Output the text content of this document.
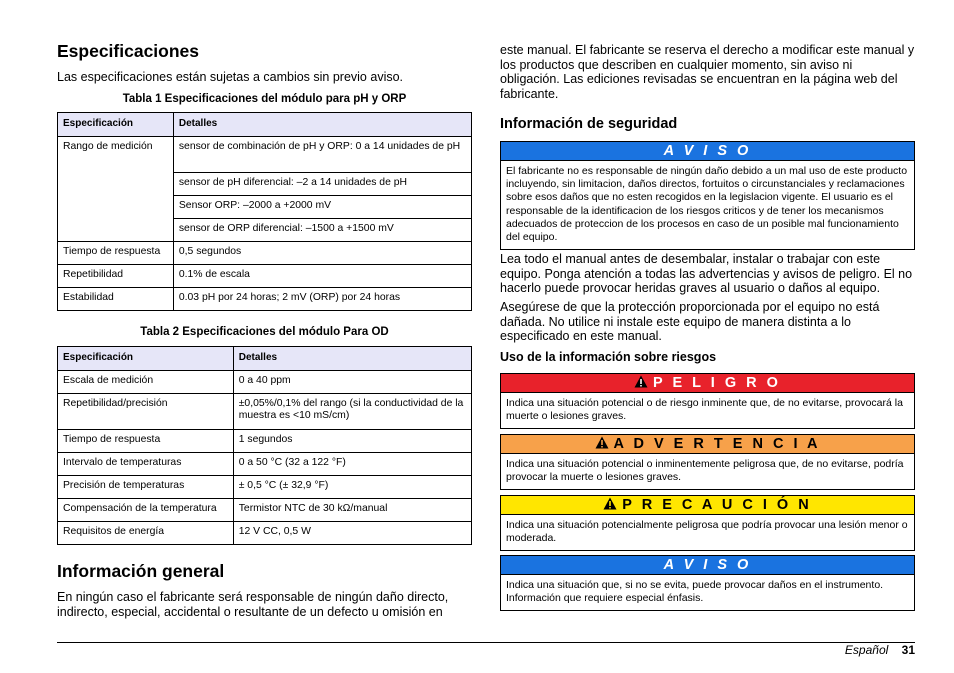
Especificaciones
Las especificaciones están sujetas a cambios sin previo aviso.
Tabla 1 Especificaciones del módulo para pH y ORP
Especificación	Detalles
Rango de medición	sensor de combinación de pH y ORP: 0 a 14 unidades de pH
	sensor de pH diferencial: –2 a 14 unidades de pH
	Sensor ORP: –2000 a +2000 mV
	sensor de ORP diferencial: –1500 a +1500 mV
Tiempo de respuesta	0,5 segundos
Repetibilidad	0.1% de escala
Estabilidad	0.03 pH por 24 horas; 2 mV (ORP) por 24 horas
Tabla 2 Especificaciones del módulo Para OD
Especificación	Detalles
Escala de medición	0 a 40 ppm
Repetibilidad/precisión	±0,05%/0,1% del rango (si la conductividad de la muestra es <10 mS/cm)
Tiempo de respuesta	1 segundos
Intervalo de temperaturas	0 a 50 °C (32 a 122 °F)
Precisión de temperaturas	± 0,5 °C (± 32,9 °F)
Compensación de la temperatura	Termistor NTC de 30 kΩ/manual
Requisitos de energía	12 V CC, 0,5 W
Información general
En ningún caso el fabricante será responsable de ningún daño directo, indirecto, especial, accidental o resultante de un defecto u omisión en
este manual. El fabricante se reserva el derecho a modificar este manual y los productos que describen en cualquier momento, sin aviso ni obligación. Las ediciones revisadas se encuentran en la página web del fabricante.
Información de seguridad
A V I S O
El fabricante no es responsable de ningún daño debido a un mal uso de este producto incluyendo, sin limitacion, daños directos, fortuitos o circunstanciales y reclamaciones sobre esos daños que no esten recogidos en la legislacion vigente. El usuario es el responsable de la identificacion de los riesgos criticos y de tener los mecanismos adecuados de proteccion de los procesos en caso de un posible mal funcionamiento del equipo.
Lea todo el manual antes de desembalar, instalar o trabajar con este equipo. Ponga atención a todas las advertencias y avisos de peligro. El no hacerlo puede provocar heridas graves al usuario o daños al equipo.
Asegúrese de que la protección proporcionada por el equipo no está dañada. No utilice ni instale este equipo de manera distinta a lo especificado en este manual.
Uso de la información sobre riesgos
P E L I G R O
Indica una situación potencial o de riesgo inminente que, de no evitarse, provocará la muerte o lesiones graves.
A D V E R T E N C I A
Indica una situación potencial o inminentemente peligrosa que, de no evitarse, podría provocar la muerte o lesiones graves.
P R E C A U C I Ó N
Indica una situación potencialmente peligrosa que podría provocar una lesión menor o moderada.
A V I S O
Indica una situación que, si no se evita, puede provocar daños en el instrumento. Información que requiere especial énfasis.
Español 31
